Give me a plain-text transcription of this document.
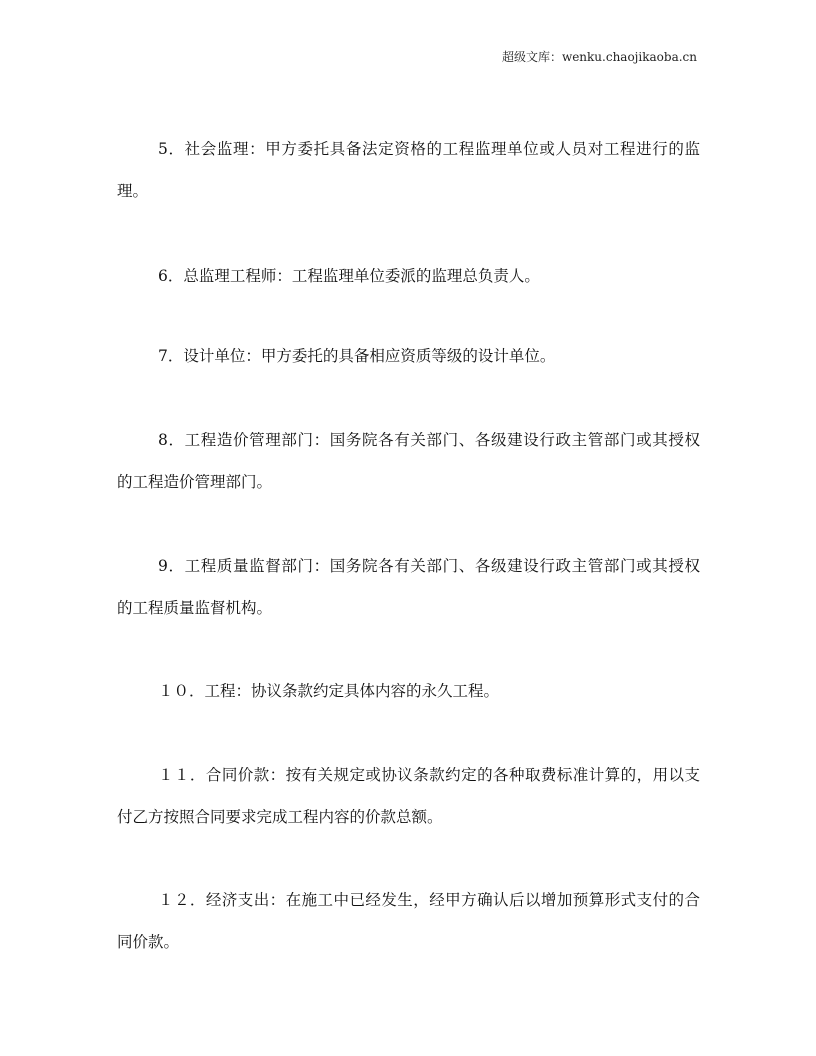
超级文库：wenku.chaojikaoba.cn
5．社会监理：甲方委托具备法定资格的工程监理单位或人员对工程进行的监
理。
6．总监理工程师：工程监理单位委派的监理总负责人。
7．设计单位：甲方委托的具备相应资质等级的设计单位。
8．工程造价管理部门：国务院各有关部门、各级建设行政主管部门或其授权
的工程造价管理部门。
9．工程质量监督部门：国务院各有关部门、各级建设行政主管部门或其授权
的工程质量监督机构。
１０．工程：协议条款约定具体内容的永久工程。
１１．合同价款：按有关规定或协议条款约定的各种取费标准计算的，用以支
付乙方按照合同要求完成工程内容的价款总额。
１２．经济支出：在施工中已经发生，经甲方确认后以增加预算形式支付的合
同价款。
